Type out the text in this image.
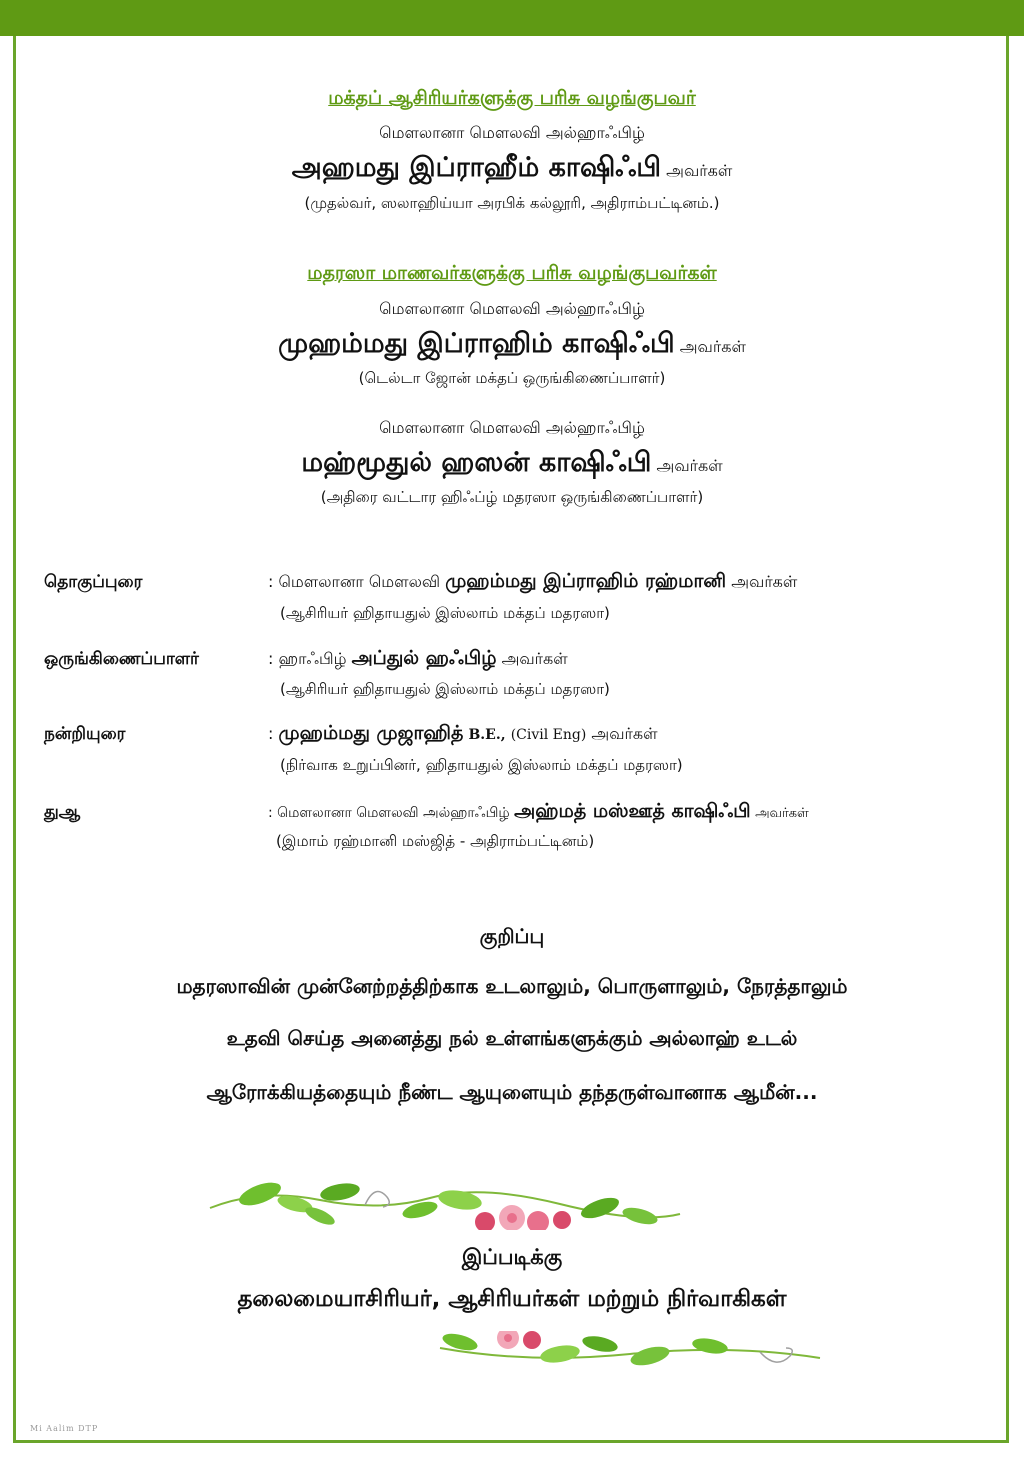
மக்தப் ஆசிரியர்களுக்கு பரிசு வழங்குபவர்
மௌலானா மௌலவி அல்ஹாஃபிழ்
அஹமது இப்ராஹீம் காஷிஃபி அவர்கள்
(முதல்வர், ஸலாஹிய்யா அரபிக் கல்லூரி, அதிராம்பட்டினம்.)
மதரஸா மாணவர்களுக்கு பரிசு வழங்குபவர்கள்
மௌலானா மௌலவி அல்ஹாஃபிழ்
முஹம்மது இப்ராஹிம் காஷிஃபி அவர்கள்
(டெல்டா ஜோன் மக்தப் ஒருங்கிணைப்பாளர்)
மௌலானா மௌலவி அல்ஹாஃபிழ்
மஹ்மூதுல் ஹஸன் காஷிஃபி அவர்கள்
(அதிரை வட்டார ஹிஃப்ழ் மதரஸா ஒருங்கிணைப்பாளர்)
தொகுப்புரை	: மௌலானா மௌலவி முஹம்மது இப்ராஹிம் ரஹ்மானி அவர்கள்
(ஆசிரியர் ஹிதாயதுல் இஸ்லாம் மக்தப் மதரஸா)
ஒருங்கிணைப்பாளர்	: ஹாஃபிழ் அப்துல் ஹஃபிழ் அவர்கள்
(ஆசிரியர் ஹிதாயதுல் இஸ்லாம் மக்தப் மதரஸா)
நன்றியுரை	: முஹம்மது முஜாஹித் B.E., (Civil Eng) அவர்கள்
(நிர்வாக உறுப்பினர், ஹிதாயதுல் இஸ்லாம் மக்தப் மதரஸா)
துஆ	: மௌலானா மௌலவி அல்ஹாஃபிழ் அஹ்மத் மஸ்ஊத் காஷிஃபி அவர்கள்
(இமாம் ரஹ்மானி மஸ்ஜித் - அதிராம்பட்டினம்)
குறிப்பு
மதரஸாவின் முன்னேற்றத்திற்காக உடலாலும், பொருளாலும், நேரத்தாலும்
உதவி செய்த அனைத்து நல் உள்ளங்களுக்கும் அல்லாஹ் உடல்
ஆரோக்கியத்தையும் நீண்ட ஆயுளையும் தந்தருள்வானாக ஆமீன்...
இப்படிக்கு
தலைமையாசிரியர், ஆசிரியர்கள் மற்றும் நிர்வாகிகள்
Mi Aalim DTP
